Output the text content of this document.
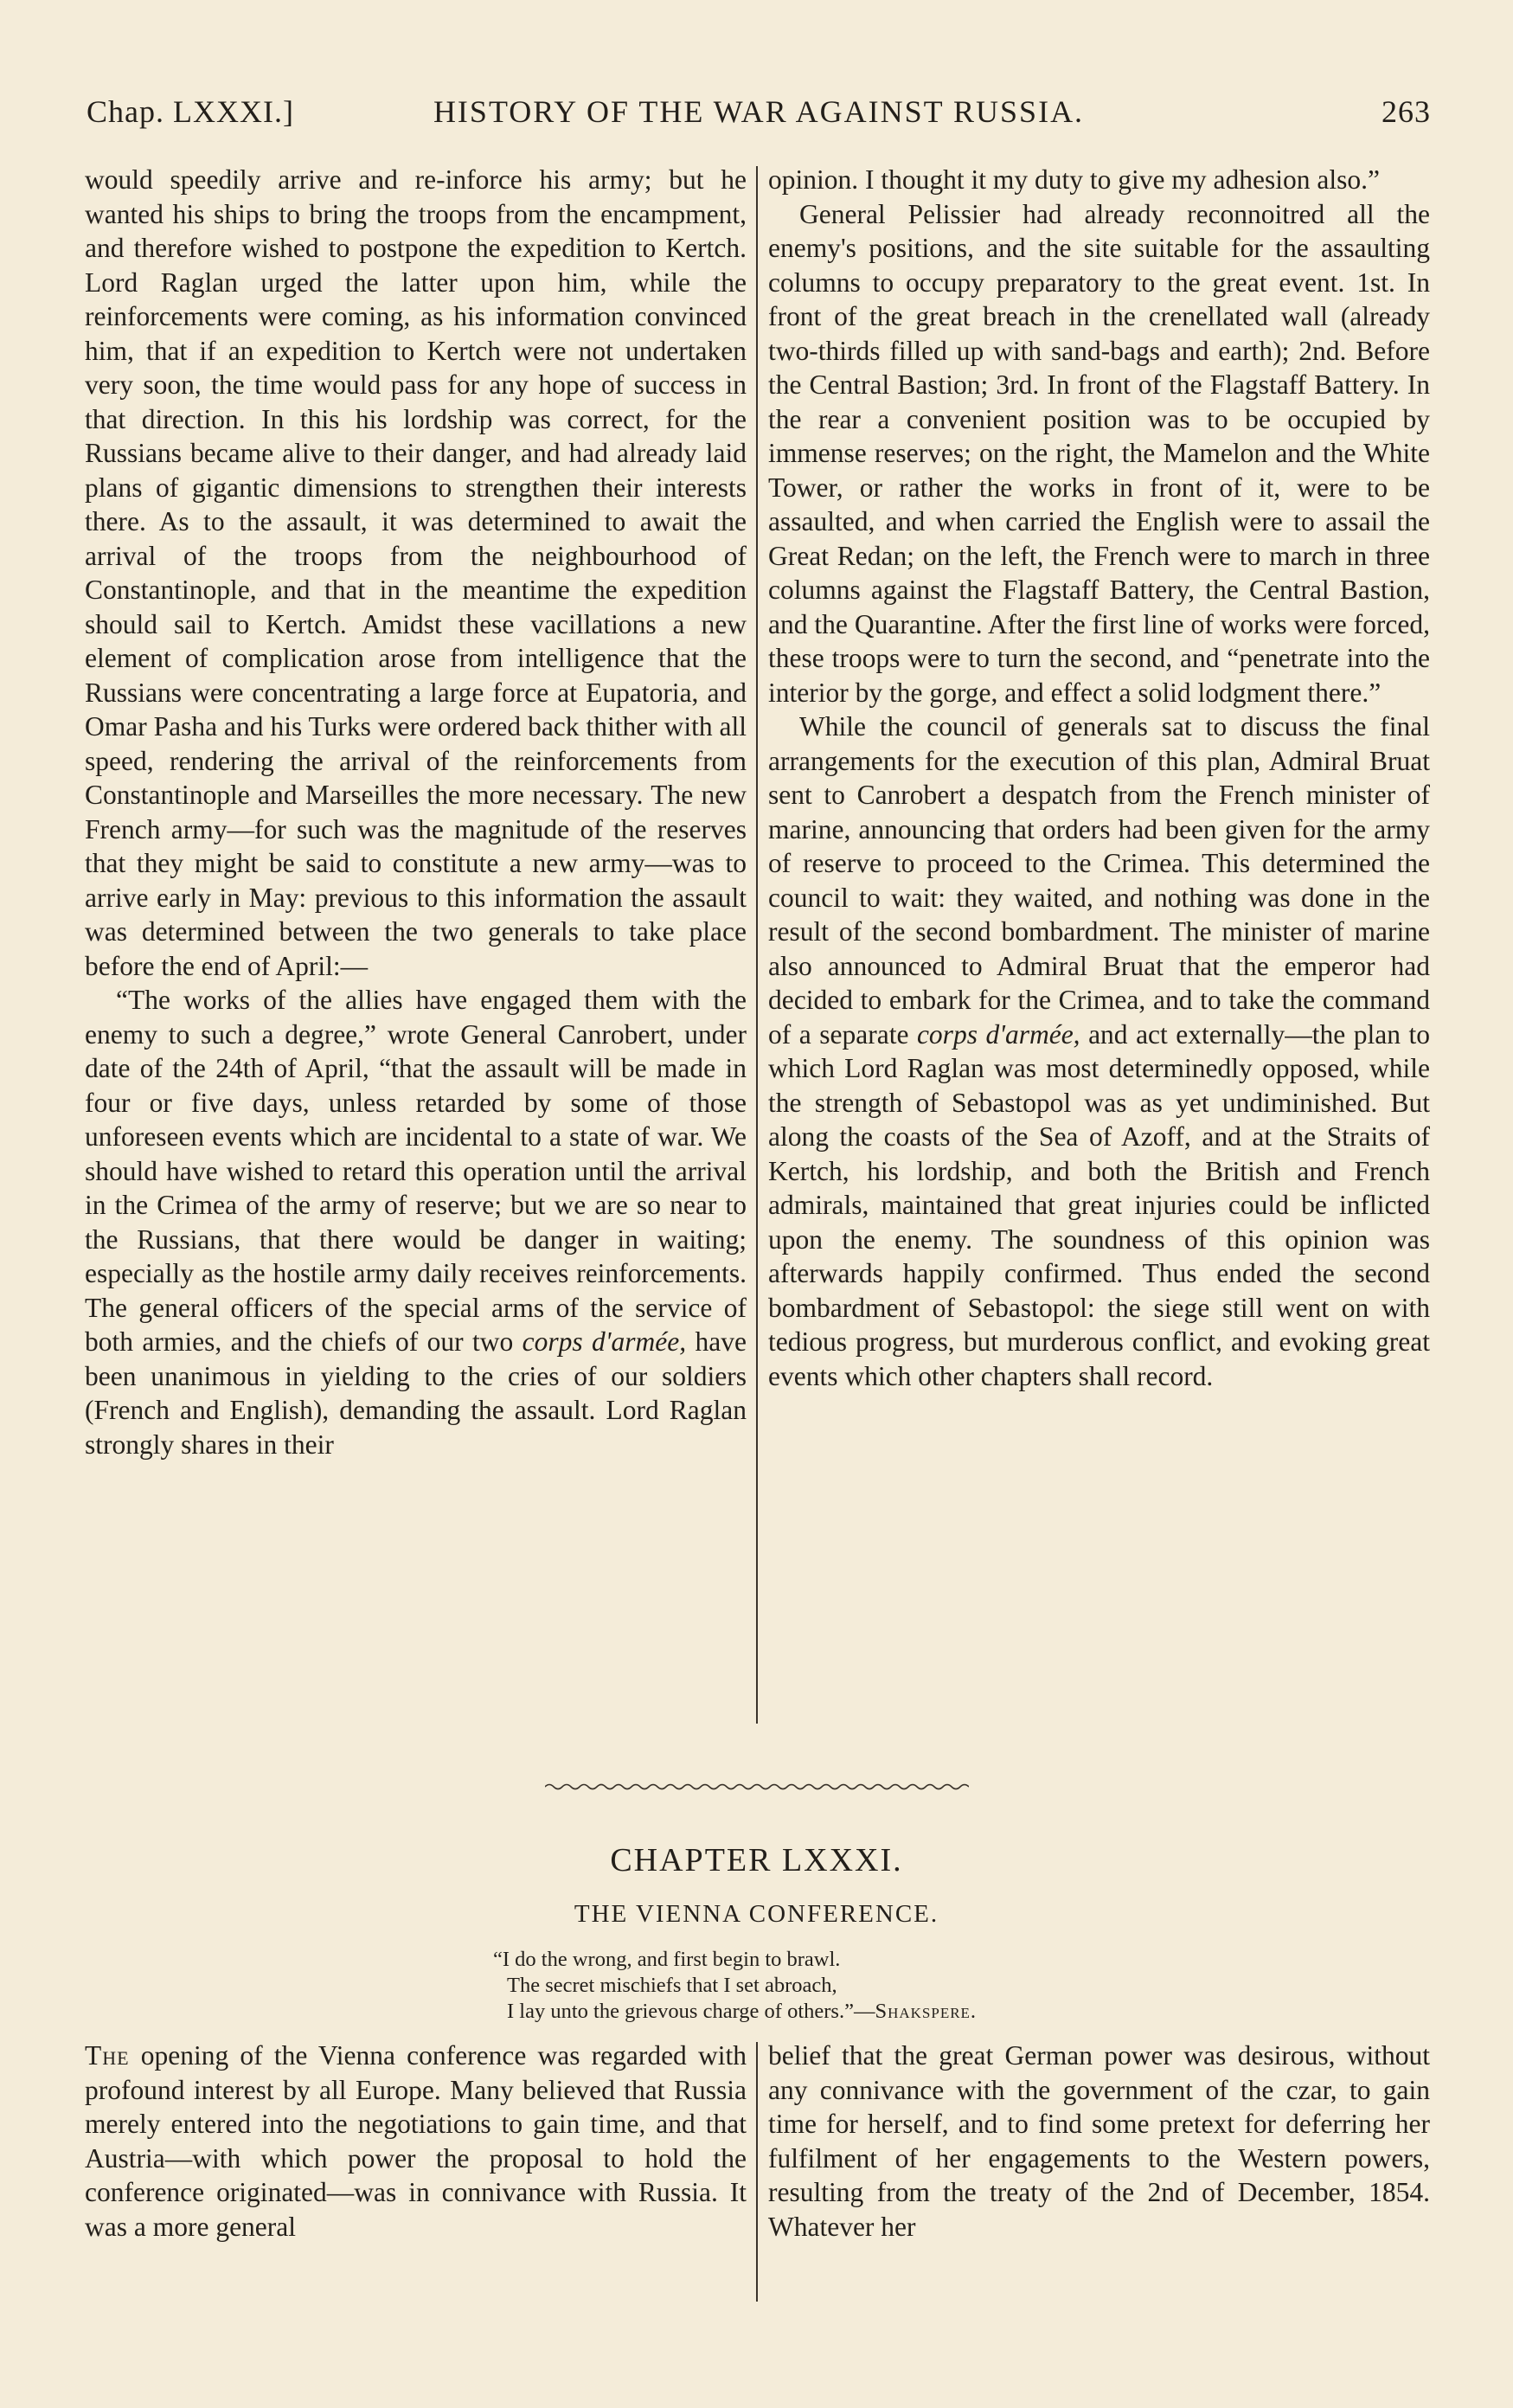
Chap. LXXXI.]	HISTORY OF THE WAR AGAINST RUSSIA.	263

would speedily arrive and re-inforce his army; but he wanted his ships to bring the troops from the encampment, and therefore wished to postpone the expedition to Kertch. Lord Raglan urged the latter upon him, while the reinforcements were coming, as his information convinced him, that if an expedition to Kertch were not undertaken very soon, the time would pass for any hope of success in that direction. In this his lordship was correct, for the Russians became alive to their danger, and had already laid plans of gigantic dimensions to strengthen their interests there. As to the assault, it was determined to await the arrival of the troops from the neighbourhood of Constantinople, and that in the meantime the expedition should sail to Kertch. Amidst these vacillations a new element of complication arose from intelligence that the Russians were concentrating a large force at Eupatoria, and Omar Pasha and his Turks were ordered back thither with all speed, rendering the arrival of the reinforcements from Constantinople and Marseilles the more necessary. The new French army—for such was the magnitude of the reserves that they might be said to constitute a new army—was to arrive early in May: previous to this information the assault was determined between the two generals to take place before the end of April:—

“The works of the allies have engaged them with the enemy to such a degree,” wrote General Canrobert, under date of the 24th of April, “that the assault will be made in four or five days, unless retarded by some of those unforeseen events which are incidental to a state of war. We should have wished to retard this operation until the arrival in the Crimea of the army of reserve; but we are so near to the Russians, that there would be danger in waiting; especially as the hostile army daily receives reinforcements. The general officers of the special arms of the service of both armies, and the chiefs of our two corps d'armée, have been unanimous in yielding to the cries of our soldiers (French and English), demanding the assault. Lord Raglan strongly shares in their

opinion. I thought it my duty to give my adhesion also.”

General Pelissier had already reconnoitred all the enemy's positions, and the site suitable for the assaulting columns to occupy preparatory to the great event. 1st. In front of the great breach in the crenellated wall (already two-thirds filled up with sand-bags and earth); 2nd. Before the Central Bastion; 3rd. In front of the Flagstaff Battery. In the rear a convenient position was to be occupied by immense reserves; on the right, the Mamelon and the White Tower, or rather the works in front of it, were to be assaulted, and when carried the English were to assail the Great Redan; on the left, the French were to march in three columns against the Flagstaff Battery, the Central Bastion, and the Quarantine. After the first line of works were forced, these troops were to turn the second, and “penetrate into the interior by the gorge, and effect a solid lodgment there.”

While the council of generals sat to discuss the final arrangements for the execution of this plan, Admiral Bruat sent to Canrobert a despatch from the French minister of marine, announcing that orders had been given for the army of reserve to proceed to the Crimea. This determined the council to wait: they waited, and nothing was done in the result of the second bombardment. The minister of marine also announced to Admiral Bruat that the emperor had decided to embark for the Crimea, and to take the command of a separate corps d'armée, and act externally—the plan to which Lord Raglan was most determinedly opposed, while the strength of Sebastopol was as yet undiminished. But along the coasts of the Sea of Azoff, and at the Straits of Kertch, his lordship, and both the British and French admirals, maintained that great injuries could be inflicted upon the enemy. The soundness of this opinion was afterwards happily confirmed. Thus ended the second bombardment of Sebastopol: the siege still went on with tedious progress, but murderous conflict, and evoking great events which other chapters shall record.

CHAPTER LXXXI.
THE VIENNA CONFERENCE.
“I do the wrong, and first begin to brawl.
The secret mischiefs that I set abroach,
I lay unto the grievous charge of others.”—Shakspere.

The opening of the Vienna conference was regarded with profound interest by all Europe. Many believed that Russia merely entered into the negotiations to gain time, and that Austria—with which power the proposal to hold the conference originated—was in connivance with Russia. It was a more general

belief that the great German power was desirous, without any connivance with the government of the czar, to gain time for herself, and to find some pretext for deferring her fulfilment of her engagements to the Western powers, resulting from the treaty of the 2nd of December, 1854. Whatever her
